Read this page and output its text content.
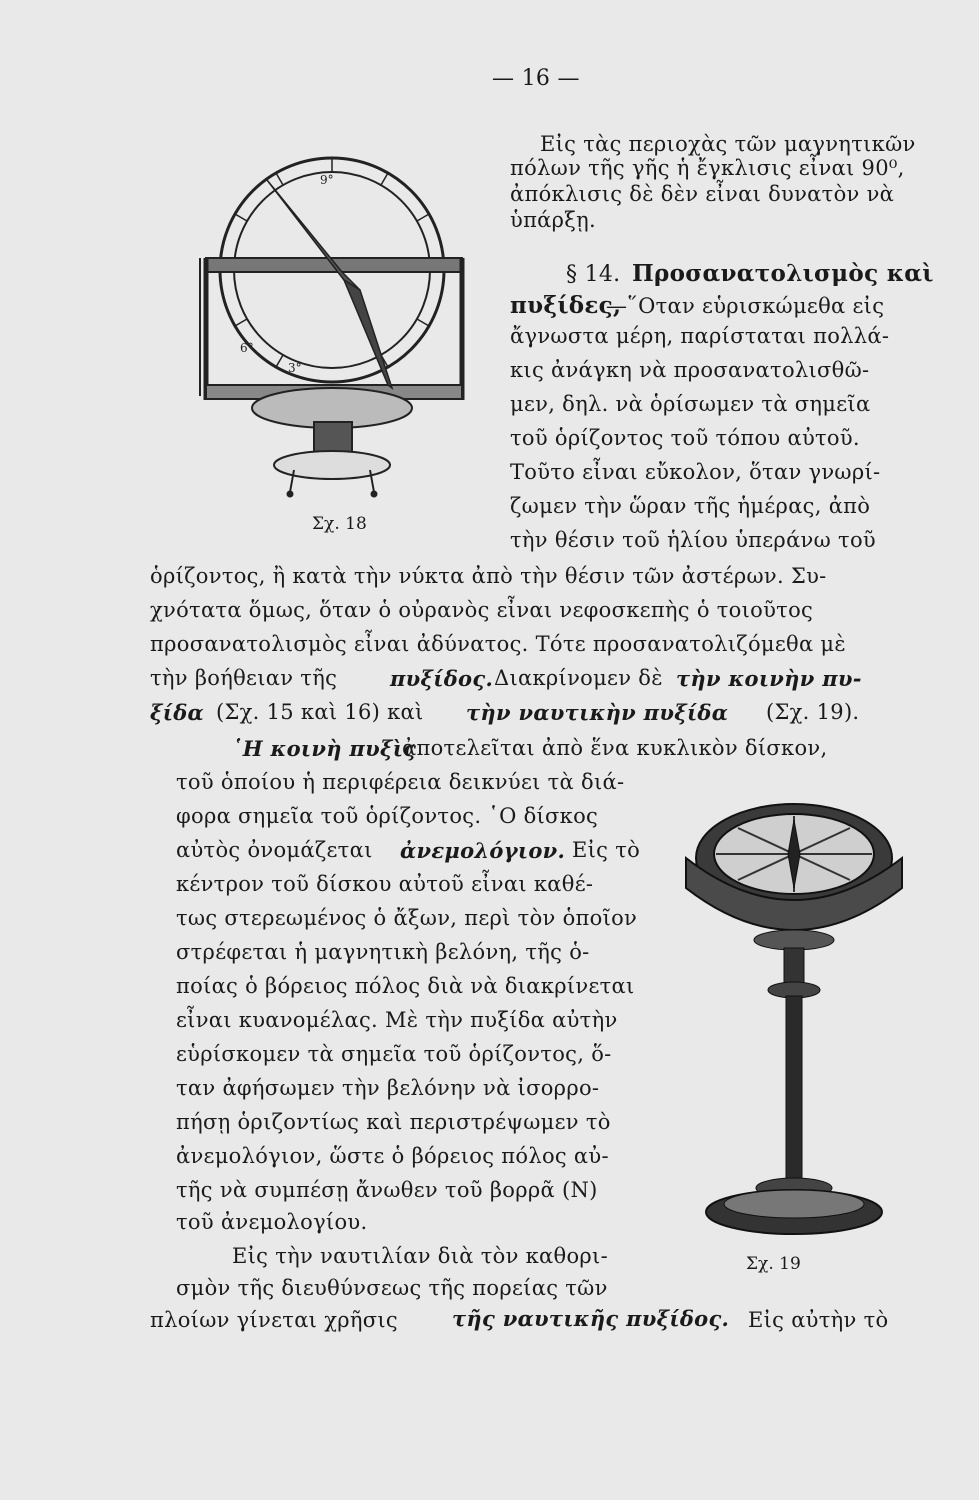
— 16 —
9°
6°
3°
Σχ. 18
Εἰς τὰς περιοχὰς τῶν μαγνητικῶν
πόλων τῆς γῆς ἡ ἔγκλισις εἶναι 90⁰,
ἀπόκλισις δὲ δὲν εἶναι δυνατὸν νὰ
ὑπάρξῃ.
§ 14. Προσανατολισμὸς καὶ
πυξίδες,
—῞Οταν εὑρισκώμεθα εἰς
ἄγνωστα μέρη, παρίσταται πολλά-
κις ἀνάγκη νὰ προσανατολισθῶ-
μεν, δηλ. νὰ ὁρίσωμεν τὰ σημεῖα
τοῦ ὁρίζοντος τοῦ τόπου αὐτοῦ.
Τοῦτο εἶναι εὔκολον, ὅταν γνωρί-
ζωμεν τὴν ὥραν τῆς ἡμέρας, ἀπὸ
τὴν θέσιν τοῦ ἡλίου ὑπεράνω τοῦ
ὁρίζοντος, ἢ κατὰ τὴν νύκτα ἀπὸ τὴν θέσιν τῶν ἀστέρων. Συ-
χνότατα ὅμως, ὅταν ὁ οὐρανὸς εἶναι νεφοσκεπὴς ὁ τοιοῦτος
προσανατολισμὸς εἶναι ἀδύνατος. Τότε προσανατολιζόμεθα μὲ
τὴν βοήθειαν τῆς	πυξίδος. Διακρίνομεν δὲ τὴν κοινὴν πυ-
ξίδα (Σχ. 15 καὶ 16) καὶ τὴν ναυτικὴν πυξίδα (Σχ. 19).
῾Η κοινὴ πυξὶς
ἀποτελεῖται ἀπὸ ἕνα κυκλικὸν δίσκον,
τοῦ ὁποίου ἡ περιφέρεια δεικνύει τὰ διά-
φορα σημεῖα τοῦ ὁρίζοντος. ῾Ο δίσκος
αὐτὸς ὀνομάζεται ἀνεμολόγιον. Εἰς τὸ
κέντρον τοῦ δίσκου αὐτοῦ εἶναι καθέ-
τως στερεωμένος ὁ ἄξων, περὶ τὸν ὁποῖον
στρέφεται ἡ μαγνητικὴ βελόνη, τῆς ὁ-
ποίας ὁ βόρειος πόλος διὰ νὰ διακρίνεται
εἶναι κυανομέλας. Μὲ τὴν πυξίδα αὐτὴν
εὑρίσκομεν τὰ σημεῖα τοῦ ὁρίζοντος, ὅ-
ταν ἀφήσωμεν τὴν βελόνην νὰ ἰσορρο-
πήσῃ ὁριζοντίως καὶ περιστρέψωμεν τὸ
ἀνεμολόγιον, ὥστε ὁ βόρειος πόλος αὐ-
τῆς νὰ συμπέσῃ ἄνωθεν τοῦ βορρᾶ (Ν)
τοῦ ἀνεμολογίου.
Εἰς τὴν ναυτιλίαν διὰ τὸν καθορι-
σμὸν τῆς διευθύνσεως τῆς πορείας τῶν
πλοίων γίνεται χρῆσις	τῆς ναυτικῆς πυξίδος. Εἰς αὐτὴν τὸ
Σχ. 19
